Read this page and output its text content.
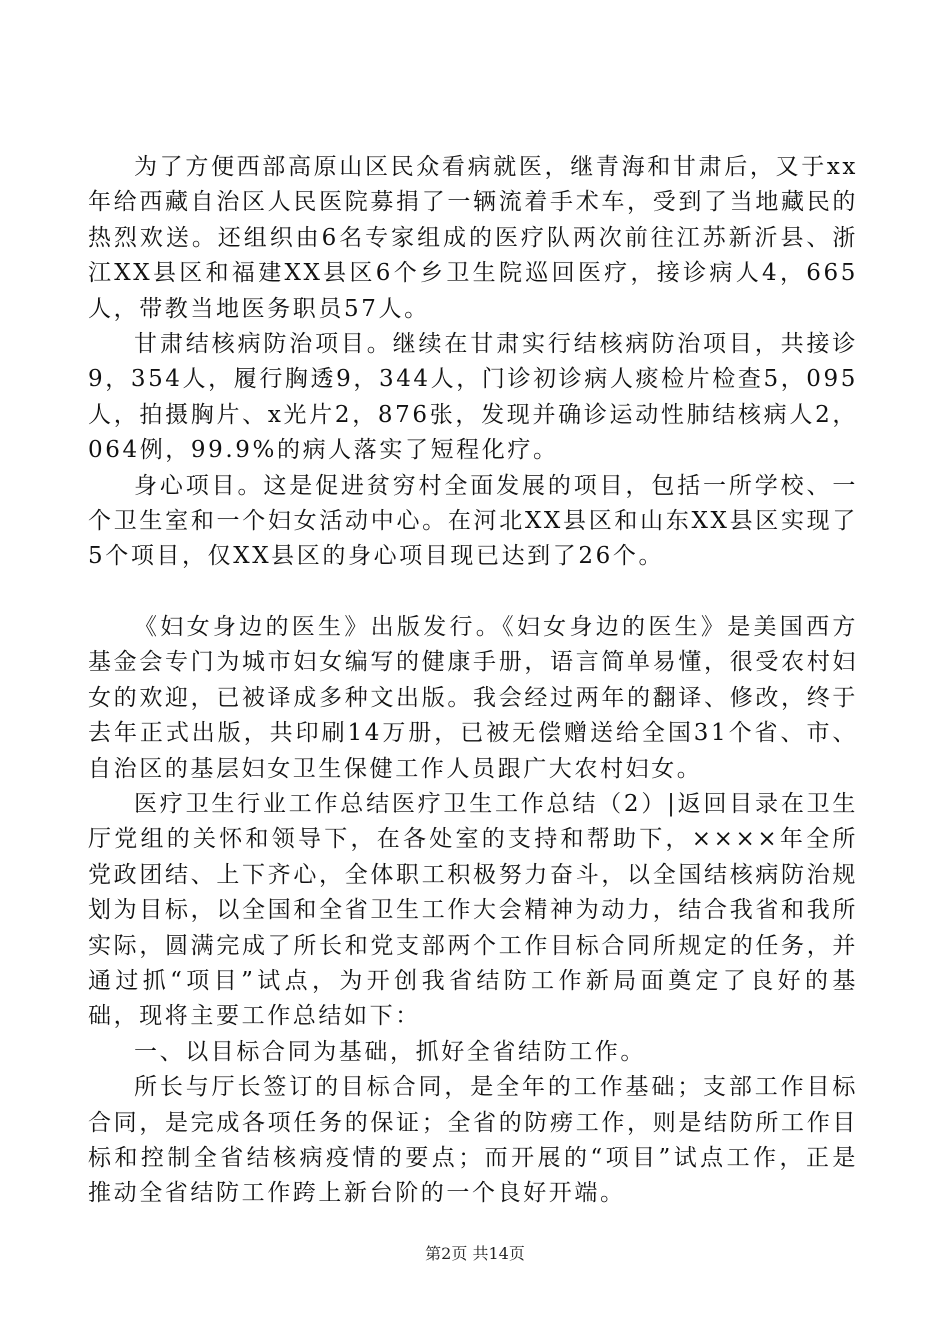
为了方便西部高原山区民众看病就医，继青海和甘肃后，又于xx年给西藏自治区人民医院募捐了一辆流着手术车，受到了当地藏民的热烈欢送。还组织由6名专家组成的医疗队两次前往江苏新沂县、浙江XX县区和福建XX县区6个乡卫生院巡回医疗，接诊病人4，665人，带教当地医务职员57人。

甘肃结核病防治项目。继续在甘肃实行结核病防治项目，共接诊9，354人，履行胸透9，344人，门诊初诊病人痰检片检查5，095人，拍摄胸片、x光片2，876张，发现并确诊运动性肺结核病人2，064例，99.9%的病人落实了短程化疗。

身心项目。这是促进贫穷村全面发展的项目，包括一所学校、一个卫生室和一个妇女活动中心。在河北XX县区和山东XX县区实现了5个项目，仅XX县区的身心项目现已达到了26个。

《妇女身边的医生》出版发行。《妇女身边的医生》是美国西方基金会专门为城市妇女编写的健康手册，语言简单易懂，很受农村妇女的欢迎，已被译成多种文出版。我会经过两年的翻译、修改，终于去年正式出版，共印刷14万册，已被无偿赠送给全国31个省、市、自治区的基层妇女卫生保健工作人员跟广大农村妇女。

医疗卫生行业工作总结医疗卫生工作总结（2）|返回目录在卫生厅党组的关怀和领导下，在各处室的支持和帮助下，××××年全所党政团结、上下齐心，全体职工积极努力奋斗，以全国结核病防治规划为目标，以全国和全省卫生工作大会精神为动力，结合我省和我所实际，圆满完成了所长和党支部两个工作目标合同所规定的任务，并通过抓“项目”试点，为开创我省结防工作新局面奠定了良好的基础，现将主要工作总结如下：

一、以目标合同为基础，抓好全省结防工作。

所长与厅长签订的目标合同，是全年的工作基础；支部工作目标合同，是完成各项任务的保证；全省的防痨工作，则是结防所工作目标和控制全省结核病疫情的要点；而开展的“项目”试点工作，正是推动全省结防工作跨上新台阶的一个良好开端。

第2页 共14页
